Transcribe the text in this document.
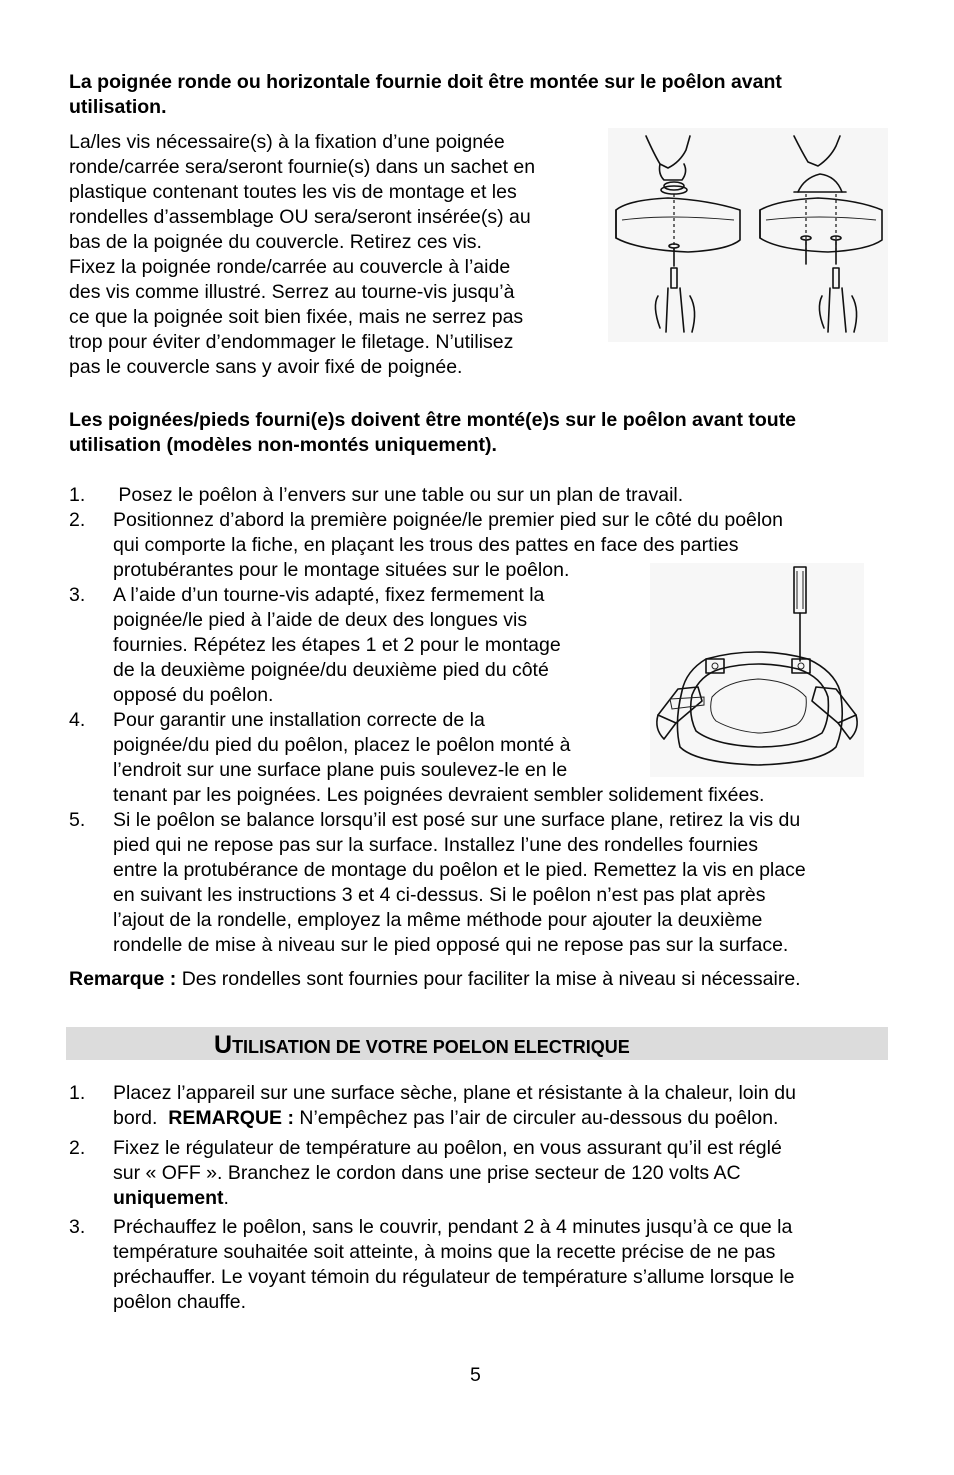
La poignée ronde ou horizontale fournie doit être montée sur le poêlon avant
utilisation.
La/les vis nécessaire(s) à la fixation d’une poignée
ronde/carrée sera/seront fournie(s) dans un sachet en
plastique contenant toutes les vis de montage et les
rondelles d’assemblage OU sera/seront insérée(s) au
bas de la poignée du couvercle. Retirez ces vis.
Fixez la poignée ronde/carrée au couvercle à l’aide
des vis comme illustré. Serrez au tourne-vis jusqu’à
ce que la poignée soit bien fixée, mais ne serrez pas
trop pour éviter d’endommager le filetage. N’utilisez
pas le couvercle sans y avoir fixé de poignée.
Les poignées/pieds fourni(e)s doivent être monté(e)s sur le poêlon avant toute
utilisation (modèles non-montés uniquement).
1. Posez le poêlon à l’envers sur une table ou sur un plan de travail.
2. Positionnez d’abord la première poignée/le premier pied sur le côté du poêlon
qui comporte la fiche, en plaçant les trous des pattes en face des parties
protubérantes pour le montage situées sur le poêlon.
3. A l’aide d’un tourne-vis adapté, fixez fermement la
poignée/le pied à l’aide de deux des longues vis
fournies. Répétez les étapes 1 et 2 pour le montage
de la deuxième poignée/du deuxième pied du côté
opposé du poêlon.
4. Pour garantir une installation correcte de la
poignée/du pied du poêlon, placez le poêlon monté à
l’endroit sur une surface plane puis soulevez-le en le
tenant par les poignées. Les poignées devraient sembler solidement fixées.
5. Si le poêlon se balance lorsqu’il est posé sur une surface plane, retirez la vis du
pied qui ne repose pas sur la surface. Installez l’une des rondelles fournies
entre la protubérance de montage du poêlon et le pied. Remettez la vis en place
en suivant les instructions 3 et 4 ci-dessus. Si le poêlon n’est pas plat après
l’ajout de la rondelle, employez la même méthode pour ajouter la deuxième
rondelle de mise à niveau sur le pied opposé qui ne repose pas sur la surface.
Remarque : Des rondelles sont fournies pour faciliter la mise à niveau si nécessaire.
UTILISATION DE VOTRE POELON ELECTRIQUE
1. Placez l’appareil sur une surface sèche, plane et résistante à la chaleur, loin du
bord.  REMARQUE : N’empêchez pas l’air de circuler au-dessous du poêlon.
2. Fixez le régulateur de température au poêlon, en vous assurant qu’il est réglé
sur « OFF ». Branchez le cordon dans une prise secteur de 120 volts AC
uniquement.
3. Préchauffez le poêlon, sans le couvrir, pendant 2 à 4 minutes jusqu’à ce que la
température souhaitée soit atteinte, à moins que la recette précise de ne pas
préchauffer. Le voyant témoin du régulateur de température s’allume lorsque le
poêlon chauffe.
5
